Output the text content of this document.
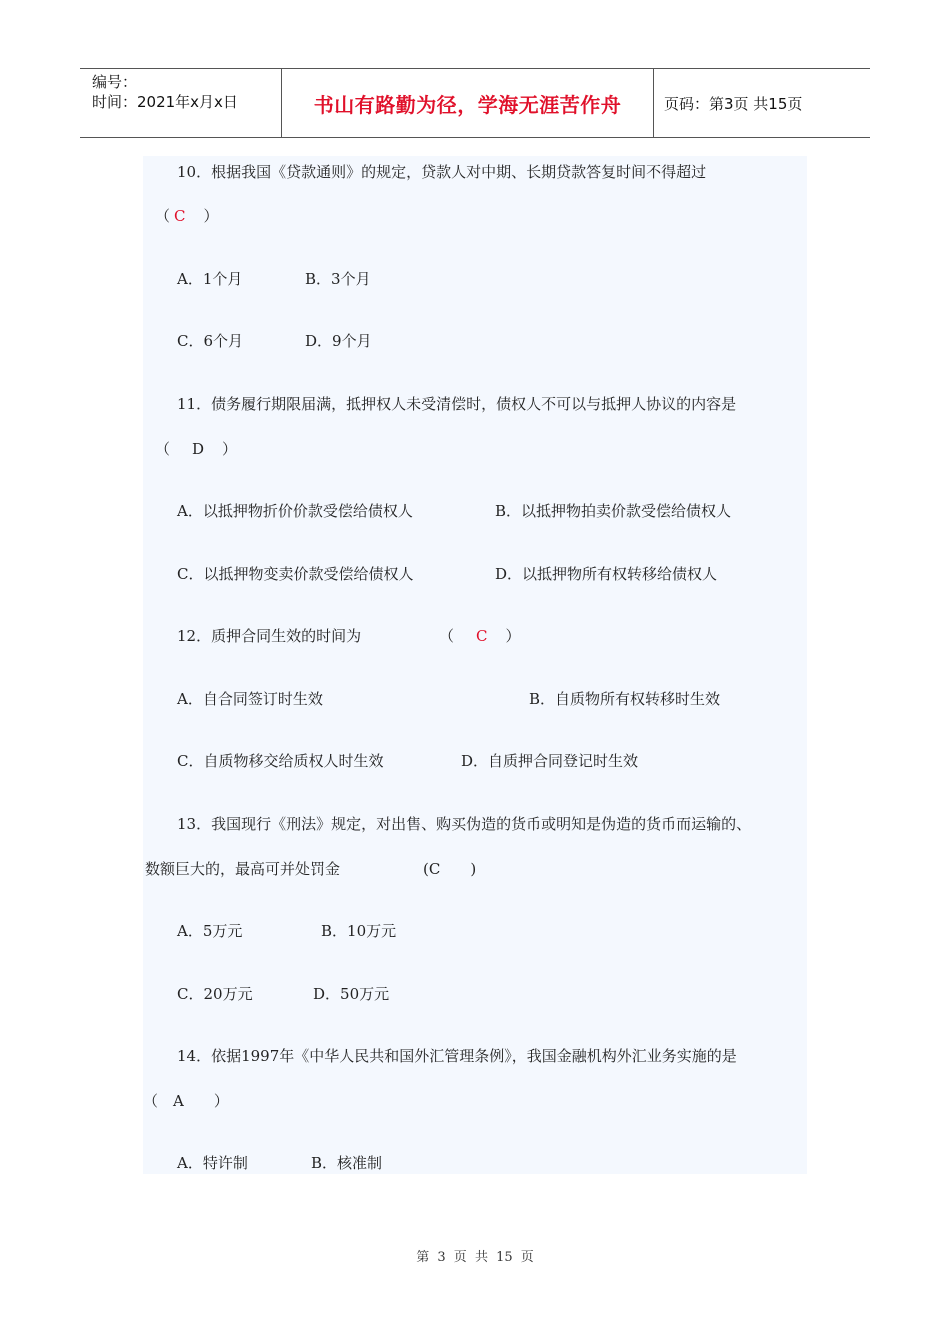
编号：
时间：2021年x月x日	书山有路勤为径，学海无涯苦作舟	页码：第3页 共15页
10．根据我国《贷款通则》的规定，贷款人对中期、长期贷款答复时间不得超过
（ C ）
A．1个月	B．3个月
C．6个月	D．9个月
11．债务履行期限届满，抵押权人未受清偿时，债权人不可以与抵押人协议的内容是
（ D ）
A．以抵押物折价价款受偿给债权人	B．以抵押物拍卖价款受偿给债权人
C．以抵押物变卖价款受偿给债权人	D．以抵押物所有权转移给债权人
12．质押合同生效的时间为	（ C ）
A．自合同签订时生效	B．自质物所有权转移时生效
C．自质物移交给质权人时生效	D．自质押合同登记时生效
13．我国现行《刑法》规定，对出售、购买伪造的货币或明知是伪造的货币而运输的、
数额巨大的，最高可并处罚金	(C　　)
A．5万元	B．10万元
C．20万元	D．50万元
14．依据1997年《中华人民共和国外汇管理条例》，我国金融机构外汇业务实施的是
（　A　　）
A．特许制	B．核准制
第 3 页 共 15 页
